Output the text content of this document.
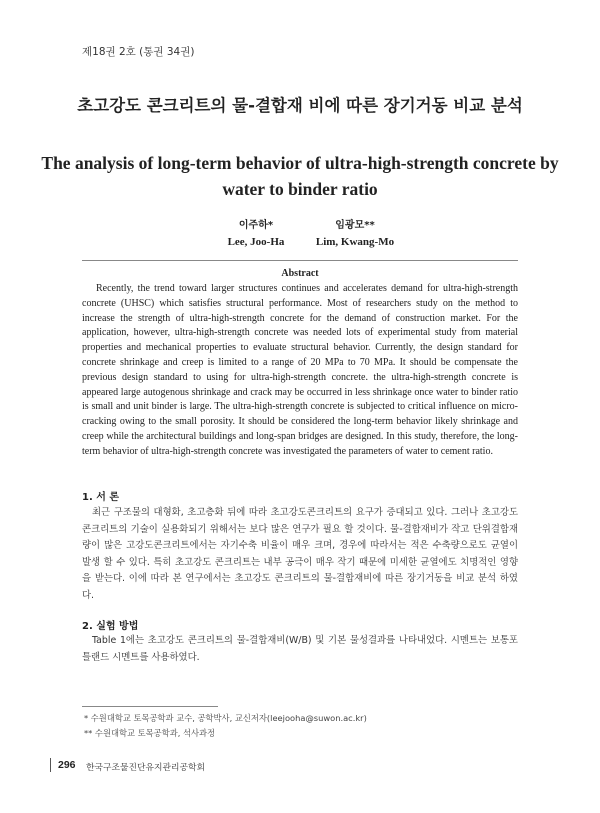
제18권 2호 (통권 34권)
초고강도 콘크리트의 물-결합재 비에 따른 장기거동 비교 분석
The analysis of long-term behavior of ultra-high-strength concrete by water to binder ratio
이주하*
Lee, Joo-Ha
임광모**
Lim, Kwang-Mo
Abstract

Recently, the trend toward larger structures continues and accelerates demand for ultra-high-strength concrete (UHSC) which satisfies structural performance. Most of researchers study on the method to increase the strength of ultra-high-strength concrete for the demand of construction market. For the application, however, ultra-high-strength concrete was needed lots of experimental study from material properties and mechanical properties to evaluate structural behavior. Currently, the design standard for concrete shrinkage and creep is limited to a range of 20 MPa to 70 MPa. It should be compensate the previous design standard to using for ultra-high-strength concrete. the ultra-high-strength concrete is appeared large autogenous shrinkage and crack may be occurred in less shrinkage once water to binder ratio is small and unit binder is large. The ultra-high-strength concrete is subjected to critical influence on micro-cracking owing to the small porosity. It should be considered the long-term behavior likely shrinkage and creep while the architectural buildings and long-span bridges are designed. In this study, therefore, the long-term behavior of ultra-high-strength concrete was investigated the parameters of water to cement ratio.

1. 서 론

최근 구조물의 대형화, 초고층화 뒤에 따라 초고강도콘크리트의 요구가 증대되고 있다. 그러나 초고강도 콘크리트의 기술이 실용화되기 위해서는 보다 많은 연구가 필요 할 것이다. 물-결합재비가 작고 단위결합재량이 많은 고강도콘크리트에서는 자기수축 비율이 매우 크며, 경우에 따라서는 적은 수축량으로도 균열이 발생 할 수 있다. 특히 초고강도 콘크리트는 내부 공극이 매우 작기 때문에 미세한 균열에도 치명적인 영향을 받는다. 이에 따라 본 연구에서는 초고강도 콘크리트의 물-결합재비에 따른 장기거동을 비교 분석 하였다.

2. 실험 방법

Table 1에는 초고강도 콘크리트의 물-결합재비(W/B) 및 기본 물성결과를 나타내었다. 시멘트는 보통포틀랜드 시멘트를 사용하였다.

* 수원대학교 토목공학과 교수, 공학박사, 교신저자(leejooha@suwon.ac.kr)
** 수원대학교 토목공학과, 석사과정
296 한국구조물진단유지관리공학회
